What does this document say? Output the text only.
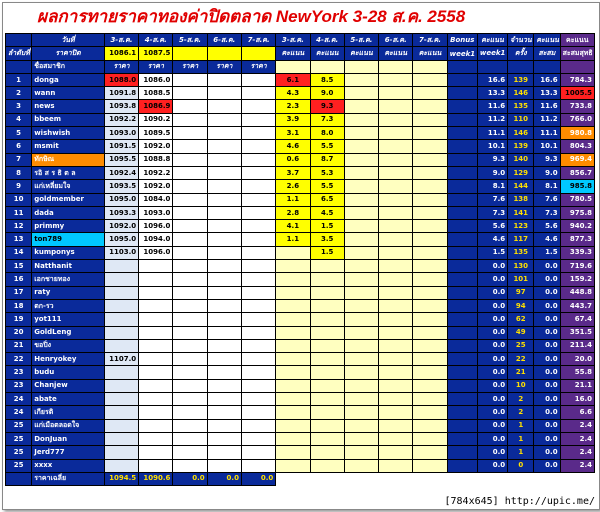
ผลการทายราคาทองค่าปิดตลาด NewYork 3-28 ส.ค. 2558
	วันที่	3-ส.ค.	4-ส.ค.	5-ส.ค.	6-ส.ค.	7-ส.ค.	3-ส.ค.	4-ส.ค.	5-ส.ค.	6-ส.ค.	7-ส.ค.	Bonus	คะแนน	จำนวน	คะแนน	คะแนน
ลำดับที่	ราคาปิด	1086.1	1087.5				คะแนน	คะแนน	คะแนน	คะแนน	คะแนน	week1	week1	ครั้ง	สะสม	สะสมสุทธิ
	ชื่อสมาชิก	ราคา	ราคา	ราคา	ราคา	ราคา										
1	donga	1088.0	1086.0				6.1	8.5					16.6	139	16.6	784.3
2	wann	1091.8	1088.5				4.3	9.0					13.3	146	13.3	1005.5
3	news	1093.8	1086.9				2.3	9.3					11.6	135	11.6	733.8
4	bbeem	1092.2	1090.2				3.9	7.3					11.2	110	11.2	766.0
5	wishwish	1093.0	1089.5				3.1	8.0					11.1	146	11.1	980.8
6	msmit	1091.5	1092.0				4.6	5.5					10.1	139	10.1	804.3
7	ทักษิณ	1095.5	1088.8				0.6	8.7					9.3	140	9.3	969.4
8	รอิ ส ร ธิ ต ล	1092.4	1092.2				3.7	5.3					9.0	129	9.0	856.7
9	แก่เหลี่ยมใจ	1093.5	1092.0				2.6	5.5					8.1	144	8.1	985.8
10	goldmember	1095.0	1084.0				1.1	6.5					7.6	138	7.6	780.5
11	dada	1093.3	1093.0				2.8	4.5					7.3	141	7.3	975.8
12	primmy	1092.0	1096.0				4.1	1.5					5.6	123	5.6	940.2
13	ton789	1095.0	1094.0				1.1	3.5					4.6	117	4.6	877.3
14	kumponys	1103.0	1096.0					1.5					1.5	135	1.5	339.3
15	Natthanit												0.0	130	0.0	719.6
16	เอกชายทอง												0.0	101	0.0	159.2
17	raty												0.0	97	0.0	448.8
18	ตก-รว												0.0	94	0.0	443.7
19	yot111												0.0	62	0.0	67.4
20	GoldLeng												0.0	49	0.0	351.5
21	ขอปิ่ง												0.0	25	0.0	211.4
22	Henryokey	1107.0											0.0	22	0.0	20.0
23	budu												0.0	21	0.0	55.8
23	Chanjew												0.0	10	0.0	21.1
24	abate												0.0	2	0.0	16.0
24	เกียรติ												0.0	2	0.0	6.6
25	แก่เมือตลอดใจ												0.0	1	0.0	2.4
25	DonJuan												0.0	1	0.0	2.4
25	Jerd777												0.0	1	0.0	2.4
25	xxxx												0.0	0	0.0	2.4
	ราคาเฉลี่ย	1094.5	1090.6	0.0	0.0	0.0										
[784x645] http://upic.me/
